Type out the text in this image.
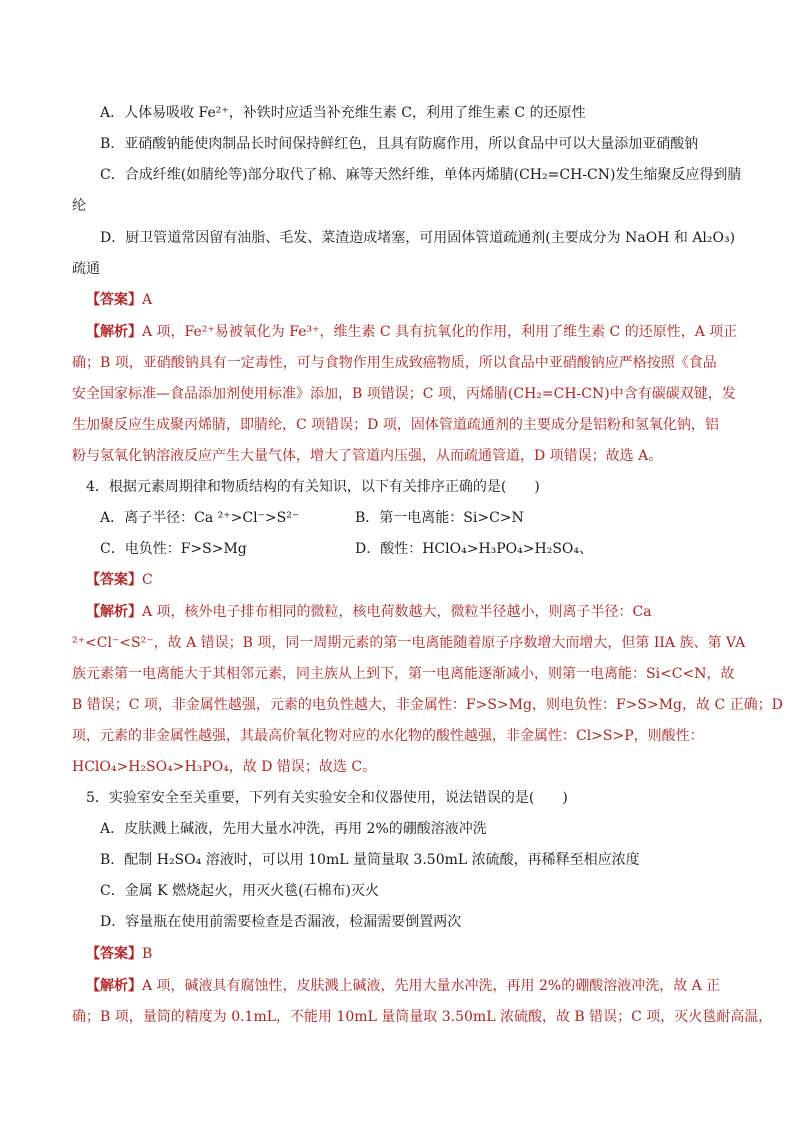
A．人体易吸收 Fe²⁺，补铁时应适当补充维生素 C，利用了维生素 C 的还原性
B．亚硝酸钠能使肉制品长时间保持鲜红色，且具有防腐作用，所以食品中可以大量添加亚硝酸钠
C．合成纤维(如腈纶等)部分取代了棉、麻等天然纤维，单体丙烯腈(CH₂=CH-CN)发生缩聚反应得到腈
纶
D．厨卫管道常因留有油脂、毛发、菜渣造成堵塞，可用固体管道疏通剂(主要成分为 NaOH 和 Al₂O₃)
疏通
【答案】A
【解析】A 项，Fe²⁺易被氧化为 Fe³⁺，维生素 C 具有抗氧化的作用，利用了维生素 C 的还原性，A 项正
确；B 项，亚硝酸钠具有一定毒性，可与食物作用生成致癌物质，所以食品中亚硝酸钠应严格按照《食品
安全国家标准—食品添加剂使用标准》添加，B 项错误；C 项，丙烯腈(CH₂=CH-CN)中含有碳碳双键，发
生加聚反应生成聚丙烯腈，即腈纶，C 项错误；D 项，固体管道疏通剂的主要成分是铝粉和氢氧化钠，铝
粉与氢氧化钠溶液反应产生大量气体，增大了管道内压强，从而疏通管道，D 项错误；故选 A。
4．根据元素周期律和物质结构的有关知识，以下有关排序正确的是(　　)
A．离子半径：Ca ²⁺>Cl⁻>S²⁻	B．第一电离能：Si>C>N
C．电负性：F>S>Mg	D．酸性：HClO₄>H₃PO₄>H₂SO₄、
【答案】C
【解析】A 项，核外电子排布相同的微粒，核电荷数越大，微粒半径越小，则离子半径：Ca
²⁺<Cl⁻<S²⁻，故 A 错误；B 项，同一周期元素的第一电离能随着原子序数增大而增大，但第 IIA 族、第 VA
族元素第一电离能大于其相邻元素，同主族从上到下，第一电离能逐渐减小，则第一电离能：Si<C<N，故
B 错误；C 项，非金属性越强，元素的电负性越大，非金属性：F>S>Mg，则电负性：F>S>Mg，故 C 正确；D
项，元素的非金属性越强，其最高价氧化物对应的水化物的酸性越强，非金属性：Cl>S>P，则酸性：
HClO₄>H₂SO₄>H₃PO₄，故 D 错误；故选 C。
5．实验室安全至关重要，下列有关实验安全和仪器使用，说法错误的是(　　)
A．皮肤溅上碱液，先用大量水冲洗，再用 2%的硼酸溶液冲洗
B．配制 H₂SO₄ 溶液时，可以用 10mL 量筒量取 3.50mL 浓硫酸，再稀释至相应浓度
C．金属 K 燃烧起火，用灭火毯(石棉布)灭火
D．容量瓶在使用前需要检查是否漏液，检漏需要倒置两次
【答案】B
【解析】A 项，碱液具有腐蚀性，皮肤溅上碱液，先用大量水冲洗，再用 2%的硼酸溶液冲洗，故 A 正
确；B 项，量筒的精度为 0.1mL，不能用 10mL 量筒量取 3.50mL 浓硫酸，故 B 错误；C 项，灭火毯耐高温，
